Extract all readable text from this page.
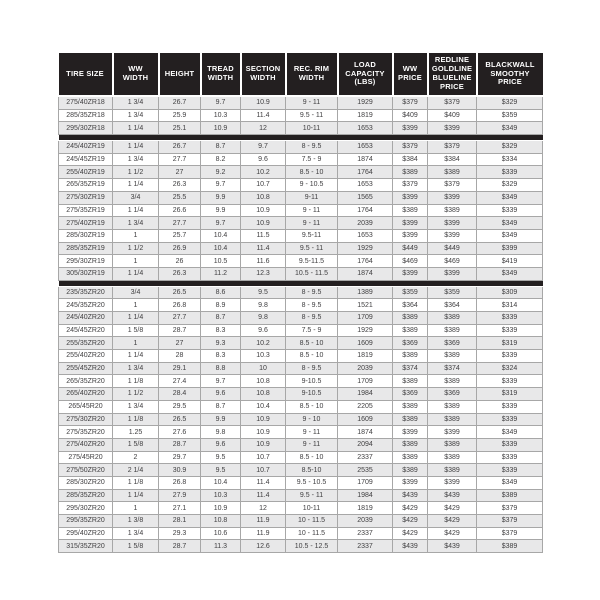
TIRE SIZE	WW WIDTH	HEIGHT	TREAD WIDTH	SECTION WIDTH	REC. RIM WIDTH	LOAD CAPACITY (LBS)	WW PRICE	REDLINE GOLDLINE BLUELINE PRICE	BLACKWALL SMOOTHY PRICE
275/40ZR18	1 3/4	26.7	9.7	10.9	9 - 11	1929	$379	$379	$329
285/35ZR18	1 3/4	25.9	10.3	11.4	9.5 - 11	1819	$409	$409	$359
295/30ZR18	1 1/4	25.1	10.9	12	10-11	1653	$399	$399	$349

245/40ZR19	1 1/4	26.7	8.7	9.7	8 - 9.5	1653	$379	$379	$329
245/45ZR19	1 3/4	27.7	8.2	9.6	7.5 - 9	1874	$384	$384	$334
255/40ZR19	1 1/2	27	9.2	10.2	8.5 - 10	1764	$389	$389	$339
265/35ZR19	1 1/4	26.3	9.7	10.7	9 - 10.5	1653	$379	$379	$329
275/30ZR19	3/4	25.5	9.9	10.8	9-11	1565	$399	$399	$349
275/35ZR19	1 1/4	26.6	9.9	10.9	9 - 11	1764	$389	$389	$339
275/40ZR19	1 3/4	27.7	9.7	10.9	9 - 11	2039	$399	$399	$349
285/30ZR19	1	25.7	10.4	11.5	9.5-11	1653	$399	$399	$349
285/35ZR19	1 1/2	26.9	10.4	11.4	9.5 - 11	1929	$449	$449	$399
295/30ZR19	1	26	10.5	11.6	9.5-11.5	1764	$469	$469	$419
305/30ZR19	1 1/4	26.3	11.2	12.3	10.5 - 11.5	1874	$399	$399	$349

235/35ZR20	3/4	26.5	8.6	9.5	8 - 9.5	1389	$359	$359	$309
245/35ZR20	1	26.8	8.9	9.8	8 - 9.5	1521	$364	$364	$314
245/40ZR20	1 1/4	27.7	8.7	9.8	8 - 9.5	1709	$389	$389	$339
245/45ZR20	1 5/8	28.7	8.3	9.6	7.5 - 9	1929	$389	$389	$339
255/35ZR20	1	27	9.3	10.2	8.5 - 10	1609	$369	$369	$319
255/40ZR20	1 1/4	28	8.3	10.3	8.5 - 10	1819	$389	$389	$339
255/45ZR20	1 3/4	29.1	8.8	10	8 - 9.5	2039	$374	$374	$324
265/35ZR20	1 1/8	27.4	9.7	10.8	9-10.5	1709	$389	$389	$339
265/40ZR20	1 1/2	28.4	9.6	10.8	9-10.5	1984	$369	$369	$319
265/45R20	1 3/4	29.5	8.7	10.4	8.5 - 10	2205	$389	$389	$339
275/30ZR20	1 1/8	26.5	9.9	10.9	9 - 10	1609	$389	$389	$339
275/35ZR20	1.25	27.6	9.8	10.9	9 - 11	1874	$399	$399	$349
275/40ZR20	1 5/8	28.7	9.6	10.9	9 - 11	2094	$389	$389	$339
275/45R20	2	29.7	9.5	10.7	8.5 - 10	2337	$389	$389	$339
275/50ZR20	2 1/4	30.9	9.5	10.7	8.5-10	2535	$389	$389	$339
285/30ZR20	1 1/8	26.8	10.4	11.4	9.5 - 10.5	1709	$399	$399	$349
285/35ZR20	1 1/4	27.9	10.3	11.4	9.5 - 11	1984	$439	$439	$389
295/30ZR20	1	27.1	10.9	12	10-11	1819	$429	$429	$379
295/35ZR20	1 3/8	28.1	10.8	11.9	10 - 11.5	2039	$429	$429	$379
295/40ZR20	1 3/4	29.3	10.6	11.9	10 - 11.5	2337	$429	$429	$379
315/35ZR20	1 5/8	28.7	11.3	12.6	10.5 - 12.5	2337	$439	$439	$389
